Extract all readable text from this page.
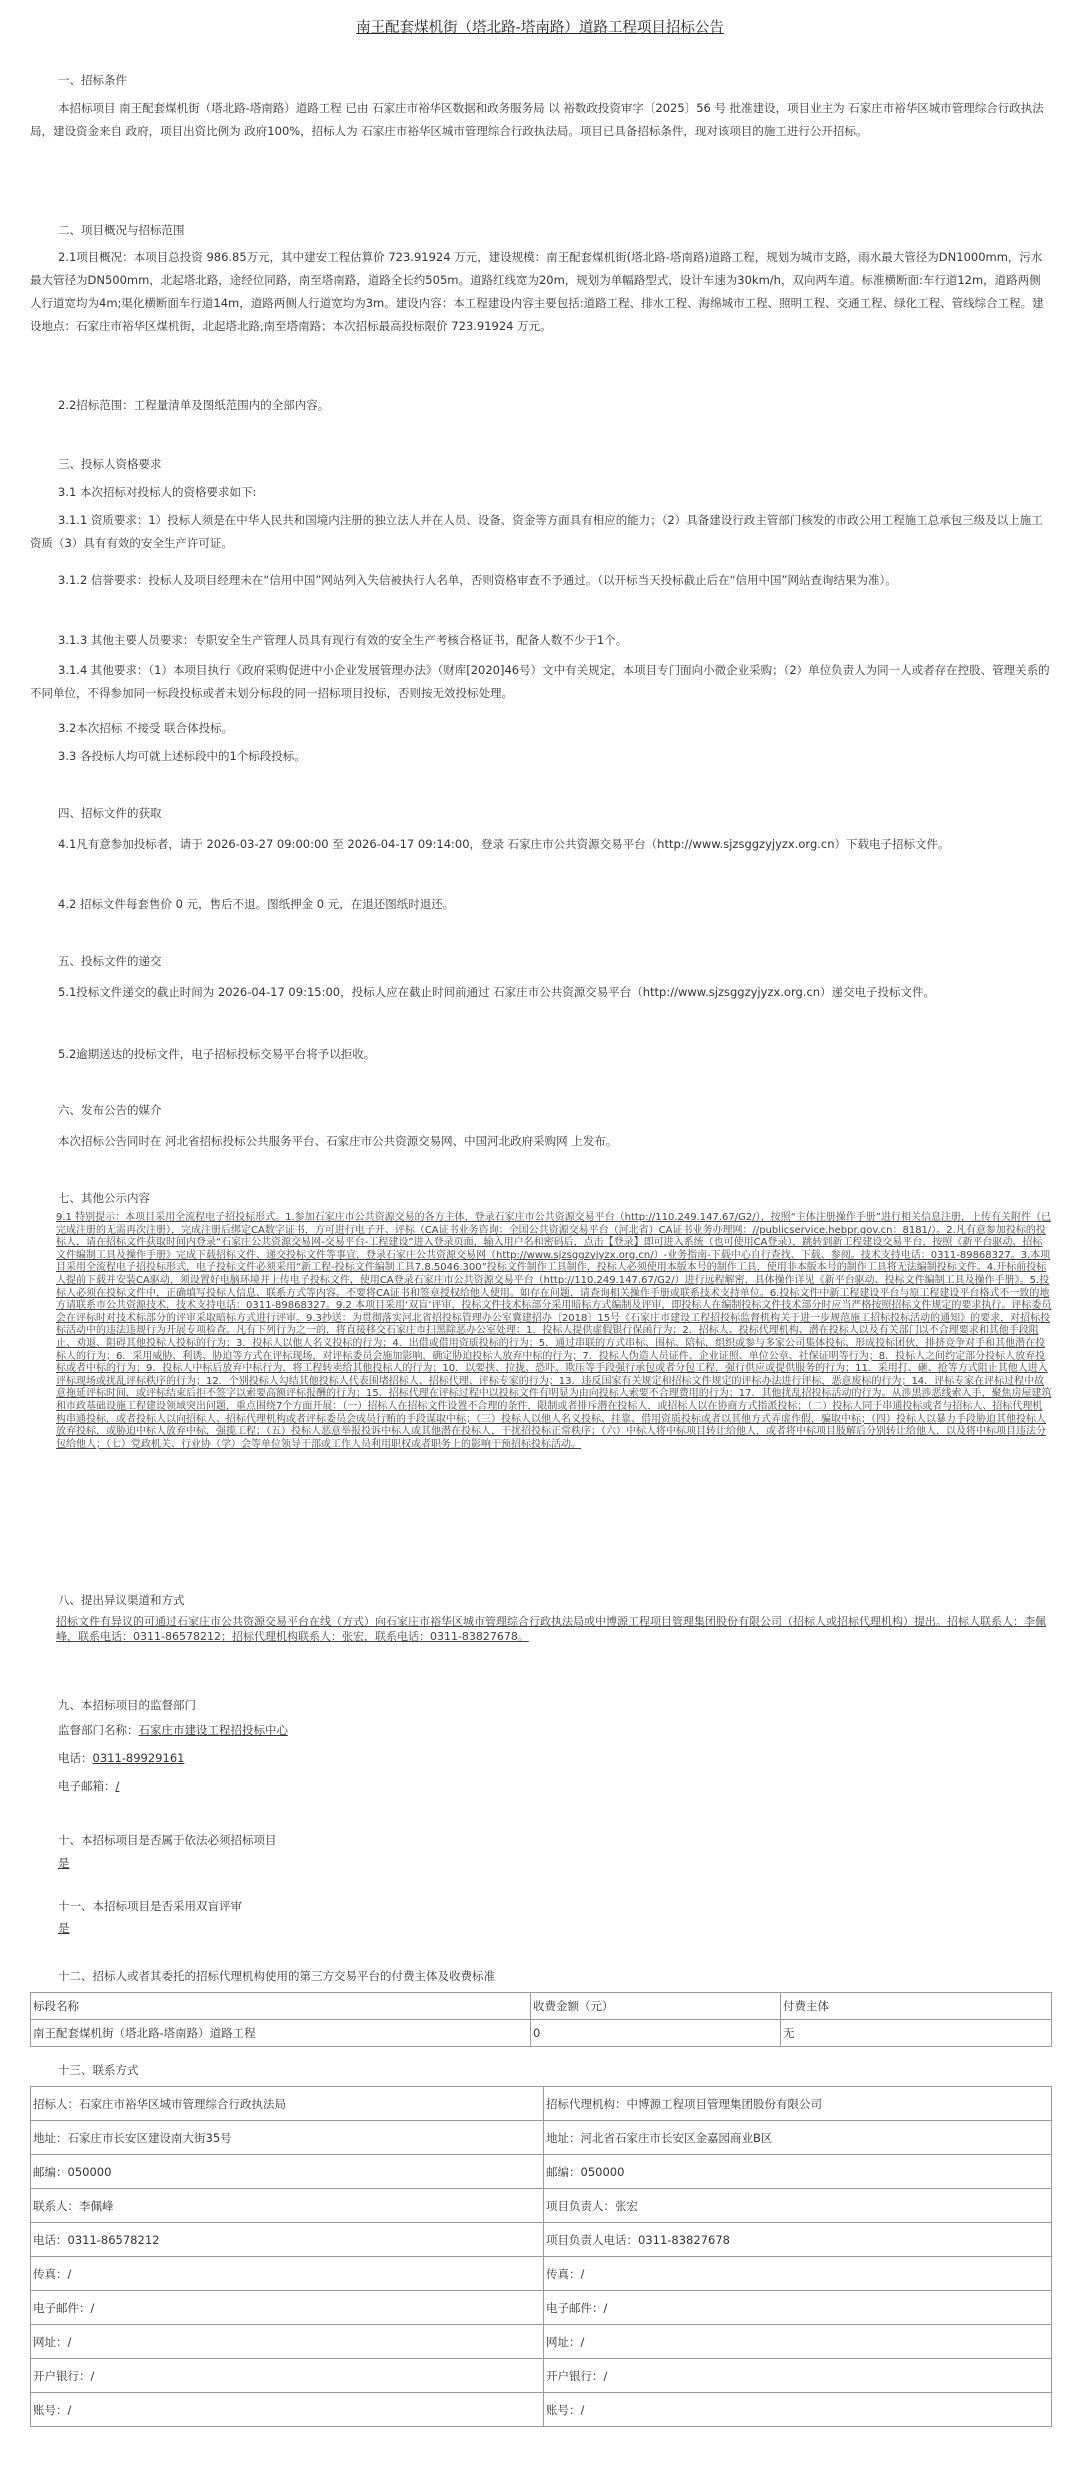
南王配套煤机街（塔北路-塔南路）道路工程项目招标公告
一、招标条件
本招标项目 南王配套煤机街（塔北路-塔南路）道路工程 已由 石家庄市裕华区数据和政务服务局 以 裕数政投资审字〔2025〕56 号 批准建设，项目业主为 石家庄市裕华区城市管理综合行政执法局，建设资金来自 政府，项目出资比例为 政府100%，招标人为 石家庄市裕华区城市管理综合行政执法局。项目已具备招标条件，现对该项目的施工进行公开招标。
二、项目概况与招标范围
2.1项目概况：本项目总投资 986.85万元，其中建安工程估算价 723.91924 万元，建设规模：南王配套煤机街(塔北路-塔南路)道路工程，规划为城市支路，雨水最大管径为DN1000mm，污水最大管径为DN500mm，北起塔北路，途经位同路，南至塔南路，道路全长约505m。道路红线宽为20m，规划为单幅路型式，设计车速为30km/h，双向两车道。标准横断面:车行道12m，道路两侧人行道宽均为4m;渠化横断面车行道14m，道路两侧人行道宽均为3m。建设内容：本工程建设内容主要包括:道路工程、排水工程、海绵城市工程、照明工程、交通工程、绿化工程、管线综合工程。建设地点：石家庄市裕华区煤机街，北起塔北路,南至塔南路；本次招标最高投标限价 723.91924 万元。
2.2招标范围：工程量清单及图纸范围内的全部内容。
三、投标人资格要求
3.1 本次招标对投标人的资格要求如下:
3.1.1 资质要求：1）投标人须是在中华人民共和国境内注册的独立法人并在人员、设备、资金等方面具有相应的能力；（2）具备建设行政主管部门核发的市政公用工程施工总承包三级及以上施工资质（3）具有有效的安全生产许可证。
3.1.2 信誉要求：投标人及项目经理未在“信用中国”网站列入失信被执行人名单，否则资格审查不予通过。（以开标当天投标截止后在“信用中国”网站查询结果为准）。
3.1.3 其他主要人员要求：专职安全生产管理人员具有现行有效的安全生产考核合格证书，配备人数不少于1个。
3.1.4 其他要求：（1）本项目执行《政府采购促进中小企业发展管理办法》（财库[2020]46号）文中有关规定，本项目专门面向小微企业采购；（2）单位负责人为同一人或者存在控股、管理关系的不同单位，不得参加同一标段投标或者未划分标段的同一招标项目投标，否则按无效投标处理。
3.2本次招标 不接受 联合体投标。
3.3 各投标人均可就上述标段中的1个标段投标。
四、招标文件的获取
4.1凡有意参加投标者，请于 2026-03-27 09:00:00 至 2026-04-17 09:14:00，登录 石家庄市公共资源交易平台（http://www.sjzsggzyjyzx.org.cn）下载电子招标文件。
4.2 招标文件每套售价 0 元，售后不退。图纸押金 0 元，在退还图纸时退还。
五、投标文件的递交
5.1投标文件递交的截止时间为 2026-04-17 09:15:00，投标人应在截止时间前通过 石家庄市公共资源交易平台（http://www.sjzsggzyjyzx.org.cn）递交电子投标文件。
5.2逾期送达的投标文件，电子招标投标交易平台将予以拒收。
六、发布公告的媒介
本次招标公告同时在 河北省招标投标公共服务平台、石家庄市公共资源交易网、中国河北政府采购网 上发布。
七、其他公示内容
9.1 特别提示：本项目采用全流程电子招投标形式。1.参加石家庄市公共资源交易的各方主体，登录石家庄市公共资源交易平台（http://110.249.147.67/G2/），按照“主体注册操作手册”进行相关信息注册，上传有关附件（已完成注册的无需再次注册），完成注册后绑定CA数字证书，方可进行电子开、评标（CA证书业务咨询：全国公共资源交易平台（河北省）CA证书业务办理网：//publicservice.hebpr.gov.cn：8181/）。2.凡有意参加投标的投标人，请在招标文件获取时间内登录“石家庄公共资源交易网-交易平台-工程建设”进入登录页面，输入用户名和密码后，点击【登录】即可进入系统（也可使用CA登录），跳转到新工程建设交易平台，按照《新平台驱动、招标文件编制工具及操作手册》完成下载招标文件、递交投标文件等事宜，登录石家庄公共资源交易网（http://www.sjzsggzyjyzx.org.cn/）-业务指南-下载中心自行查找、下载、参阅。技术支持电话：0311-89868327。3.本项目采用全流程电子招投标形式，电子投标文件必须采用“新工程-投标文件编制工具7.8.5046.300”投标文件制作工具制作，投标人必须使用本版本号的制作工具，使用非本版本号的制作工具将无法编制投标文件。4.开标前投标人提前下载并安装CA驱动，须设置好电脑环境并上传电子投标文件，使用CA登录石家庄市公共资源交易平台（http://110.249.147.67/G2/）进行远程解密，具体操作详见《新平台驱动、投标文件编制工具及操作手册》。5.投标人必须在投标文件中，正确填写投标人信息、联系方式等内容。不要将CA证书和签章授权给他人使用。如存在问题，请查询相关操作手册或联系技术支持单位。6.投标文件中新工程建设平台与原工程建设平台格式不一致的地方请联系市公共资源技术，技术支持电话：0311-89868327。9.2 本项目采用‘双盲’评审，投标文件技术标部分采用暗标方式编制及评审，即投标人在编制投标文件技术部分时应当严格按照招标文件规定的要求执行。评标委员会在评标时对技术标部分的评审采取暗标方式进行评审。9.3抄送：为贯彻落实河北省招投标管理办公室冀建招办〔2018〕15号《石家庄市建设工程招投标监督机构关于进一步规范施工招标投标活动的通知》的要求，对招标投标活动中的违法违规行为开展专项检查。凡有下列行为之一的，将直接移交石家庄市扫黑除恶办公室处理：1．投标人提供虚假银行保函行为；2．招标人、投标代理机构、潜在投标人以及有关部门以不合理要求和其他手段阻止、劝退、阻碍其他投标人投标的行为；3．投标人以他人名义投标的行为；4．出借或借用资质投标的行为；5．通过串联的方式串标、围标、陪标，组织或参与多家公司集体投标、形成投标团伙，排挤竞争对手和其他潜在投标人的行为；6．采用威胁、利诱、胁迫等方式在评标现场，对评标委员会施加影响，确定胁迫投标人放弃中标的行为；7．投标人伪造人员证件、企业证照、单位公章、社保证明等行为；8．投标人之间约定部分投标人放弃投标或者中标的行为；9．投标人中标后放弃中标行为，将工程转卖给其他投标人的行为；10．以要挟、拉拢、恐吓、欺压等手段强行承包或者分包工程，强行供应或提供服务的行为；11．采用打、砸、抢等方式阻止其他人进入评标现场或扰乱评标秩序的行为；12．个别投标人勾结其他投标人代表围堵招标人、招标代理、评标专家的行为；13．违反国家有关规定和招标文件规定的评标办法进行评标，恶意废标的行为；14．评标专家在评标过程中故意拖延评标时间，或评标结束后拒不签字以索要高额评标报酬的行为；15．招标代理在评标过程中以投标文件有明显为由向投标人索要不合理费用的行为；17．其他扰乱招投标活动的行为。从涉黑涉恶线索入手，聚焦房屋建筑和市政基础设施工程建设领域突出问题，重点围绕7个方面开展：（一）招标人在招标文件设置不合理的条件，限制或者排斥潜在投标人，或招标人以在协商方式指派投标；（二）投标人同于串通投标或者与招标人、招标代理机构串通投标，或者投标人以向招标人、招标代理机构或者评标委员会成员行贿的手段谋取中标；（三）投标人以他人名义投标、挂靠、借用资质投标或者以其他方式弄虚作假，骗取中标；（四）投标人以暴力手段胁迫其他投标人放弃投标，或胁迫中标人放弃中标，强揽工程；（五）投标人恶意举报投诉中标人或其他潜在投标人，干扰招投标正常秩序；（六）中标人将中标项目转让给他人，或者将中标项目肢解后分别转让给他人，以及将中标项目违法分包给他人；（七）党政机关、行业协（学）会等单位领导干部或工作人员利用职权或者职务上的影响干预招标投标活动。
八、提出异议渠道和方式
招标文件有异议的可通过石家庄市公共资源交易平台在线（方式）向石家庄市裕华区城市管理综合行政执法局或中博源工程项目管理集团股份有限公司（招标人或招标代理机构）提出。招标人联系人：李佩峰，联系电话：0311-86578212；招标代理机构联系人：张宏，联系电话：0311-83827678。
九、本招标项目的监督部门
监督部门名称：石家庄市建设工程招投标中心
电话：0311-89929161
电子邮箱：/
十、本招标项目是否属于依法必须招标项目
是
十一、本招标项目是否采用双盲评审
是
十二、招标人或者其委托的招标代理机构使用的第三方交易平台的付费主体及收费标准
标段名称	收费金额（元）	付费主体
南王配套煤机街（塔北路-塔南路）道路工程	0	无
十三、联系方式
招标人：石家庄市裕华区城市管理综合行政执法局	招标代理机构：中博源工程项目管理集团股份有限公司
地址：石家庄市长安区建设南大街35号	地址：河北省石家庄市长安区金嘉园商业B区
邮编：050000	邮编：050000
联系人：李佩峰	项目负责人：张宏
电话：0311-86578212	项目负责人电话：0311-83827678
传真：/	传真：/
电子邮件：/	电子邮件：/
网址：/	网址：/
开户银行：/	开户银行：/
账号：/	账号：/
